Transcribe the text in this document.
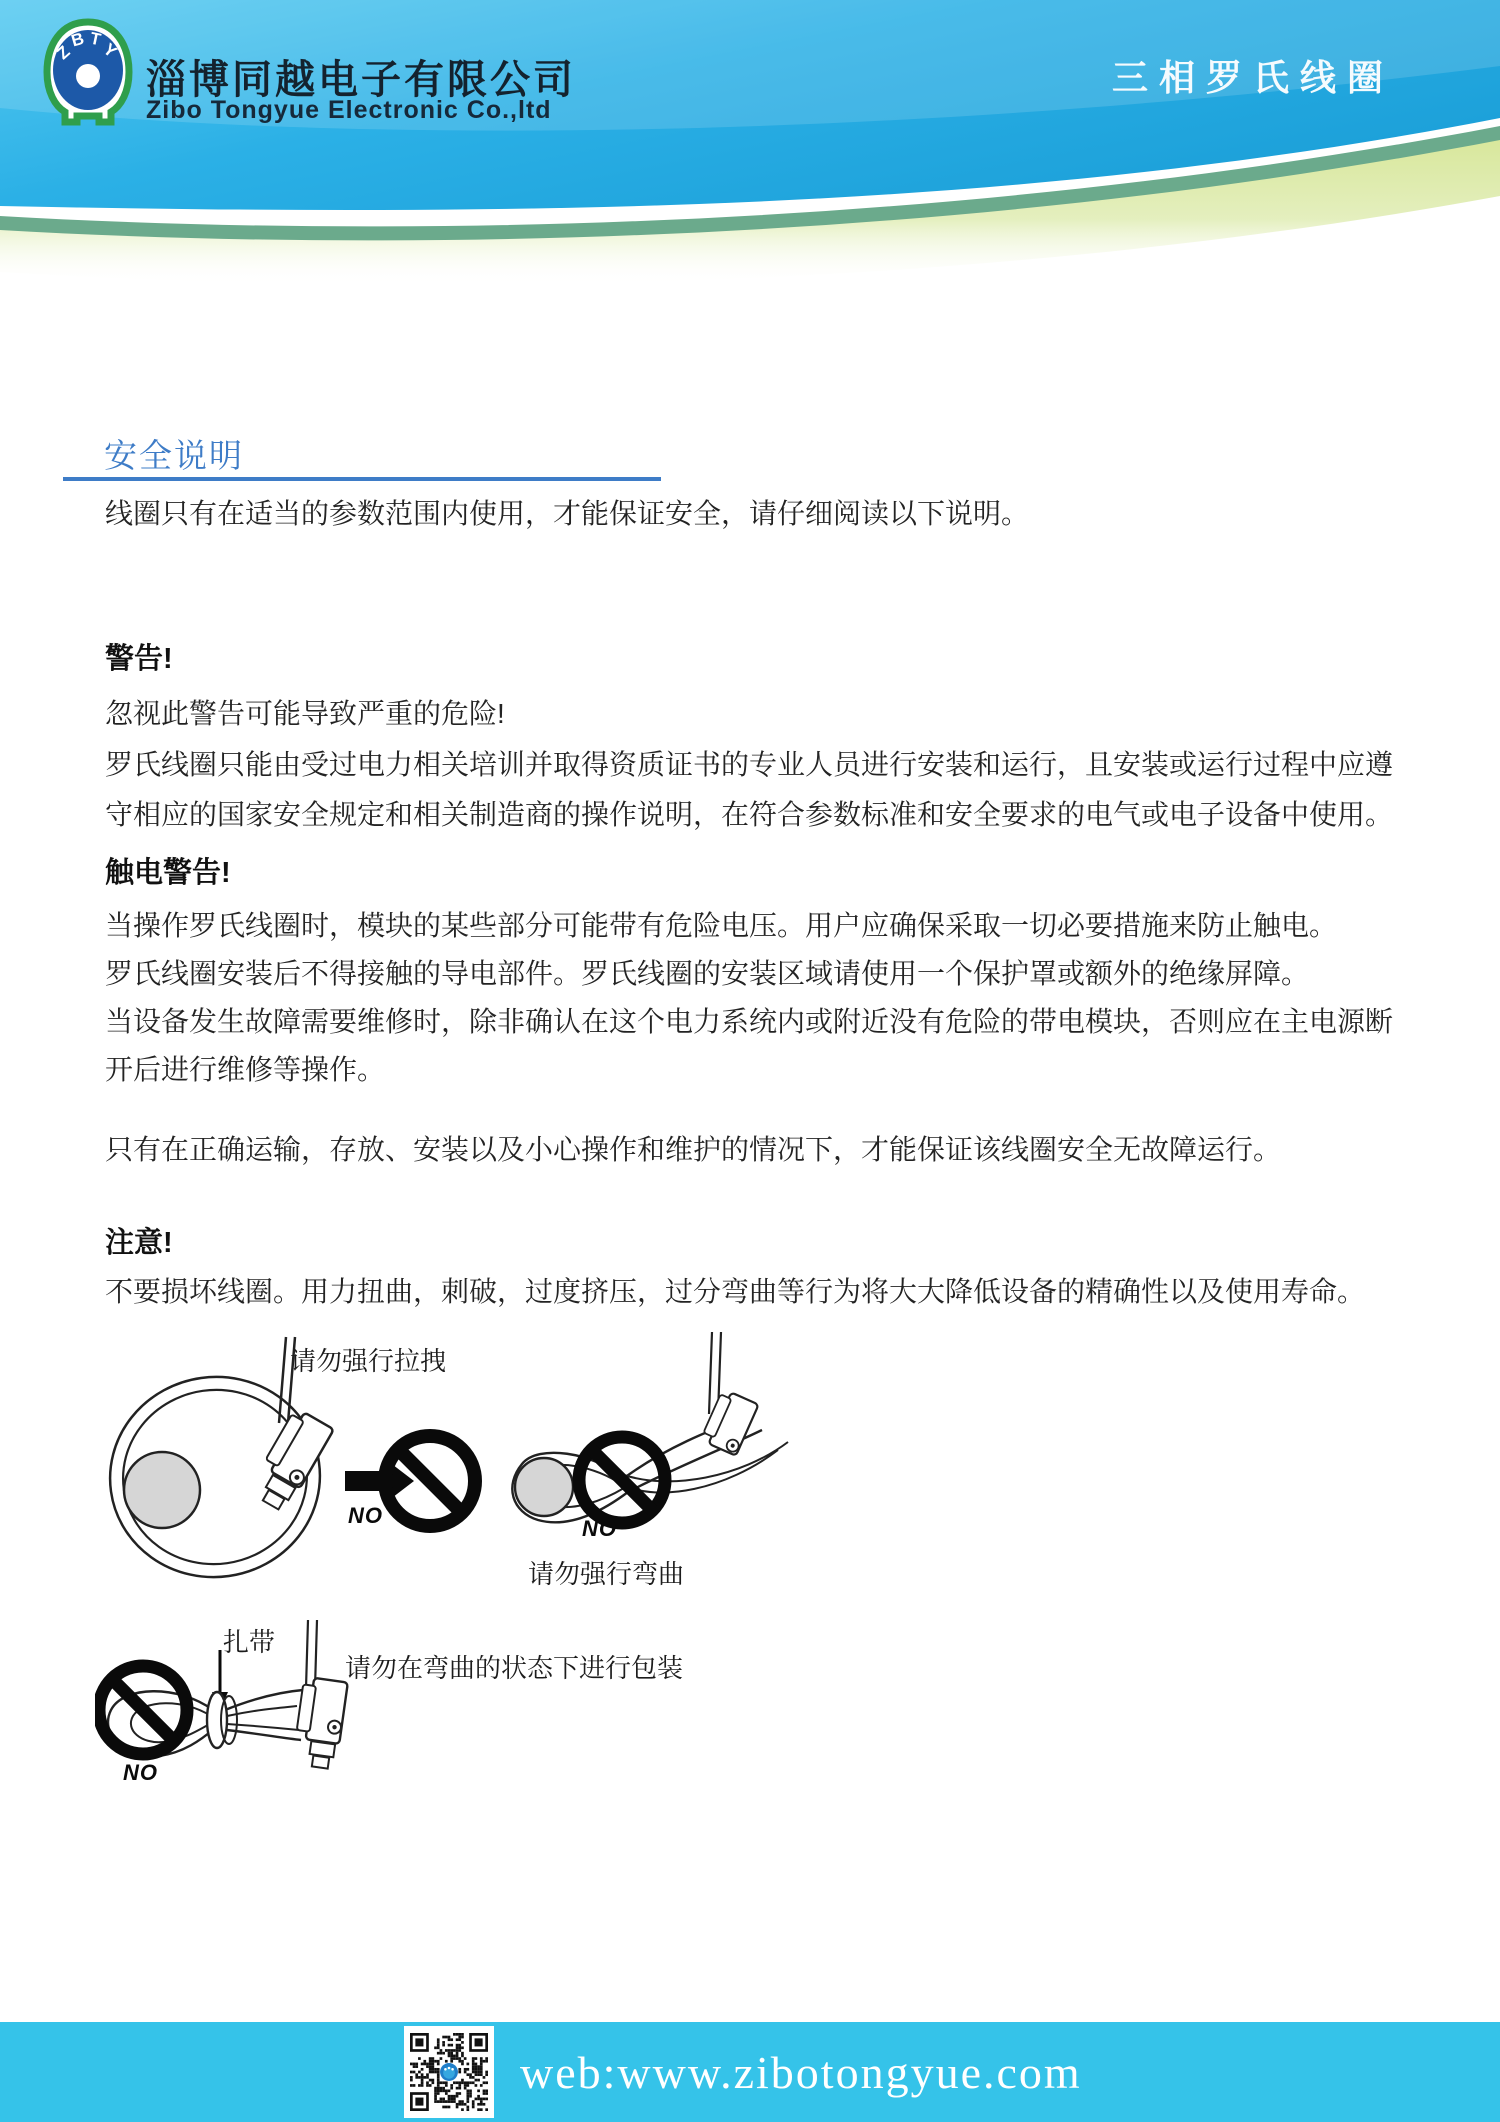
Z
B T
Y
淄博同越电子有限公司
Zibo Tongyue Electronic Co.,ltd
三相罗氏线圈
安全说明
线圈只有在适当的参数范围内使用，才能保证安全，请仔细阅读以下说明。
警告!
忽视此警告可能导致严重的危险!
罗氏线圈只能由受过电力相关培训并取得资质证书的专业人员进行安装和运行，且安装或运行过程中应遵守相应的国家安全规定和相关制造商的操作说明，在符合参数标准和安全要求的电气或电子设备中使用。
触电警告!

当操作罗氏线圈时，模块的某些部分可能带有危险电压。用户应确保采取一切必要措施来防止触电。

罗氏线圈安装后不得接触的导电部件。罗氏线圈的安装区域请使用一个保护罩或额外的绝缘屏障。

当设备发生故障需要维修时，除非确认在这个电力系统内或附近没有危险的带电模块，否则应在主电源断开后进行维修等操作。

只有在正确运输，存放、安装以及小心操作和维护的情况下，才能保证该线圈安全无故障运行。
注意!
不要损坏线圈。用力扭曲，刺破，过度挤压，过分弯曲等行为将大大降低设备的精确性以及使用寿命。
请勿强行拉拽
NO
NO
请勿强行弯曲
扎带
NO
请勿在弯曲的状态下进行包装
web:www.zibotongyue.com
